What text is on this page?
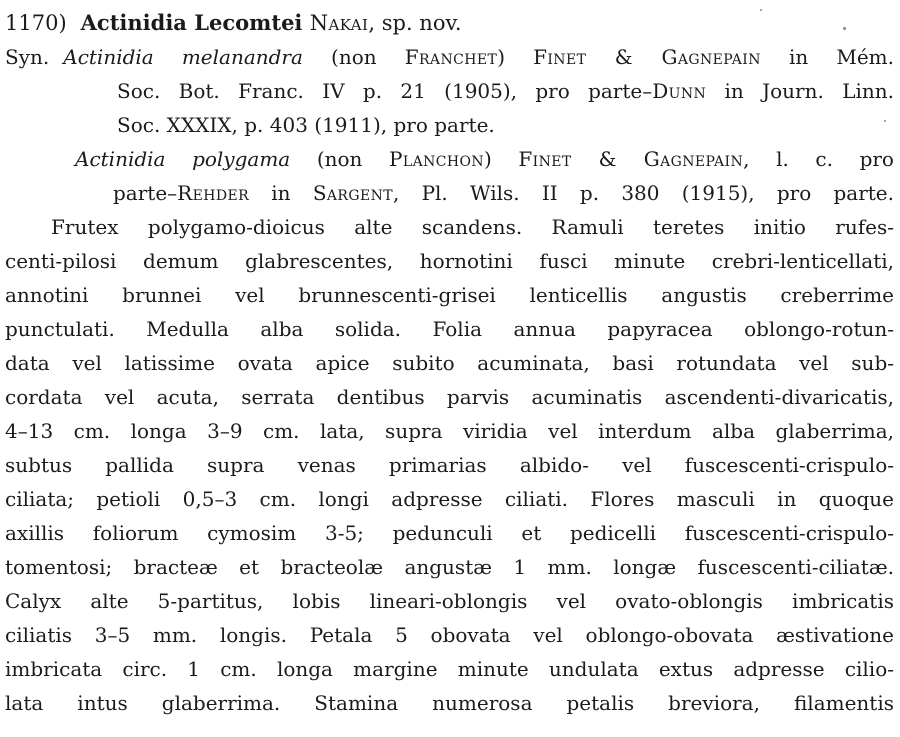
1170) Actinidia Lecomtei Nakai, sp. nov.
Syn. Actinidia melanandra (non Franchet) Finet & Gagnepain in Mém.
Soc. Bot. Franc. IV p. 21 (1905), pro parte–Dunn in Journ. Linn.
Soc. XXXIX, p. 403 (1911), pro parte.
Actinidia polygama (non Planchon) Finet & Gagnepain, l. c. pro
parte–Rehder in Sargent, Pl. Wils. II p. 380 (1915), pro parte.
Frutex polygamo-dioicus alte scandens. Ramuli teretes initio rufes-
centi-pilosi demum glabrescentes, hornotini fusci minute crebri-lenticellati,
annotini brunnei vel brunnescenti-grisei lenticellis angustis creberrime
punctulati. Medulla alba solida. Folia annua papyracea oblongo-rotun-
data vel latissime ovata apice subito acuminata, basi rotundata vel sub-
cordata vel acuta, serrata dentibus parvis acuminatis ascendenti-divaricatis,
4–13 cm. longa 3–9 cm. lata, supra viridia vel interdum alba glaberrima,
subtus pallida supra venas primarias albido- vel fuscescenti-crispulo-
ciliata; petioli 0,5–3 cm. longi adpresse ciliati. Flores masculi in quoque
axillis foliorum cymosim 3-5; pedunculi et pedicelli fuscescenti-crispulo-
tomentosi; bracteæ et bracteolæ angustæ 1 mm. longæ fuscescenti-ciliatæ.
Calyx alte 5-partitus, lobis lineari-oblongis vel ovato-oblongis imbricatis
ciliatis 3–5 mm. longis. Petala 5 obovata vel oblongo-obovata æstivatione
imbricata circ. 1 cm. longa margine minute undulata extus adpresse cilio-
lata intus glaberrima. Stamina numerosa petalis breviora, filamentis
